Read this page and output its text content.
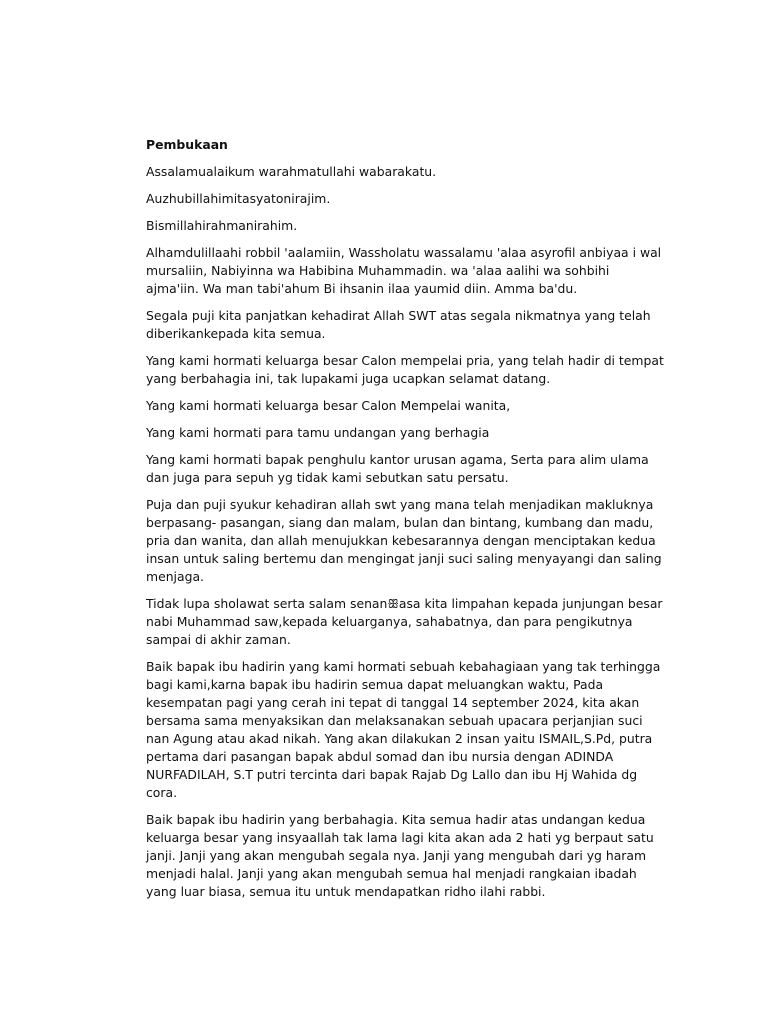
Pembukaan

Assalamualaikum warahmatullahi wabarakatu.

Auzhubillahimitasyatonirajim.

Bismillahirahmanirahim.

Alhamdulillaahi robbil 'aalamiin, Wassholatu wassalamu 'alaa asyrofil anbiyaa i wal mursaliin, Nabiyinna wa Habibina Muhammadin. wa 'alaa aalihi wa sohbihi ajma'iin. Wa man tabi'ahum Bi ihsanin ilaa yaumid diin. Amma ba'du.

Segala puji kita panjatkan kehadirat Allah SWT atas segala nikmatnya yang telah diberikankepada kita semua.

Yang kami hormati keluarga besar Calon mempelai pria, yang telah hadir di tempat yang berbahagia ini, tak lupakami juga ucapkan selamat datang.

Yang kami hormati keluarga besar Calon Mempelai wanita,

Yang kami hormati para tamu undangan yang berhagia

Yang kami hormati bapak penghulu kantor urusan agama, Serta para alim ulama dan juga para sepuh yg tidak kami sebutkan satu persatu.

Puja dan puji syukur kehadiran allah swt yang mana telah menjadikan makluknya berpasang- pasangan, siang dan malam, bulan dan bintang, kumbang dan madu, pria dan wanita, dan allah menujukkan kebesarannya dengan menciptakan kedua insan untuk saling bertemu dan mengingat janji suci saling menyayangi dan saling menjaga.

Tidak lupa sholawat serta salam senanꕥasa kita limpahan kepada junjungan besar nabi Muhammad saw,kepada keluarganya, sahabatnya, dan para pengikutnya sampai di akhir zaman.

Baik bapak ibu hadirin yang kami hormati sebuah kebahagiaan yang tak terhingga bagi kami,karna bapak ibu hadirin semua dapat meluangkan waktu, Pada kesempatan pagi yang cerah ini tepat di tanggal 14 september 2024, kita akan bersama sama menyaksikan dan melaksanakan sebuah upacara perjanjian suci nan Agung atau akad nikah. Yang akan dilakukan 2 insan yaitu ISMAIL,S.Pd, putra pertama dari pasangan bapak abdul somad dan ibu nursia dengan ADINDA NURFADILAH, S.T putri tercinta dari bapak Rajab Dg Lallo dan ibu Hj Wahida dg cora.

Baik bapak ibu hadirin yang berbahagia. Kita semua hadir atas undangan kedua keluarga besar yang insyaallah tak lama lagi kita akan ada 2 hati yg berpaut satu janji. Janji yang akan mengubah segala nya. Janji yang mengubah dari yg haram menjadi halal. Janji yang akan mengubah semua hal menjadi rangkaian ibadah yang luar biasa, semua itu untuk mendapatkan ridho ilahi rabbi.
